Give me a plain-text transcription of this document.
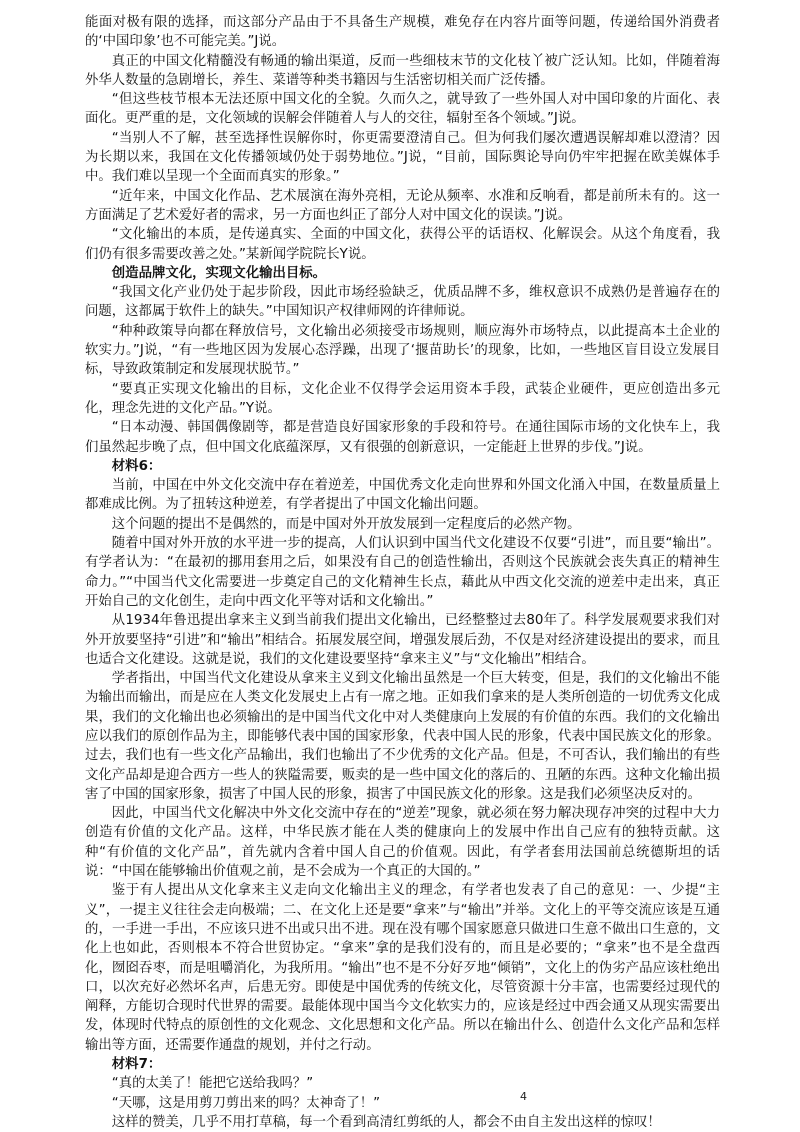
能面对极有限的选择，而这部分产品由于不具备生产规模，难免存在内容片面等问题，传递给国外消费者的‘中国印象’也不可能完美。”J说。

真正的中国文化精髓没有畅通的输出渠道，反而一些细枝末节的文化枝丫被广泛认知。比如，伴随着海外华人数量的急剧增长，养生、菜谱等种类书籍因与生活密切相关而广泛传播。

“但这些枝节根本无法还原中国文化的全貌。久而久之，就导致了一些外国人对中国印象的片面化、表面化。更严重的是，文化领域的误解会伴随着人与人的交往，辐射至各个领域。”J说。

“当别人不了解，甚至选择性误解你时，你更需要澄清自己。但为何我们屡次遭遇误解却难以澄清？因为长期以来，我国在文化传播领域仍处于弱势地位。”J说，“目前，国际舆论导向仍牢牢把握在欧美媒体手中。我们难以呈现一个全面而真实的形象。”

“近年来，中国文化作品、艺术展演在海外亮相，无论从频率、水准和反响看，都是前所未有的。这一方面满足了艺术爱好者的需求，另一方面也纠正了部分人对中国文化的误读。”J说。

“文化输出的本质，是传递真实、全面的中国文化，获得公平的话语权、化解误会。从这个角度看，我们仍有很多需要改善之处。”某新闻学院院长Y说。

创造品牌文化，实现文化输出目标。

“我国文化产业仍处于起步阶段，因此市场经验缺乏，优质品牌不多，维权意识不成熟仍是普遍存在的问题，这都属于软件上的缺失。”中国知识产权律师网的许律师说。

“种种政策导向都在释放信号，文化输出必须接受市场规则，顺应海外市场特点，以此提高本土企业的软实力。”J说，“有一些地区因为发展心态浮躁，出现了‘揠苗助长’的现象，比如，一些地区盲目设立发展目标，导致政策制定和发展现状脱节。”

“要真正实现文化输出的目标，文化企业不仅得学会运用资本手段，武装企业硬件，更应创造出多元化，理念先进的文化产品。”Y说。

“日本动漫、韩国偶像剧等，都是营造良好国家形象的手段和符号。在通往国际市场的文化快车上，我们虽然起步晚了点，但中国文化底蕴深厚，又有很强的创新意识，一定能赶上世界的步伐。”J说。

材料6：

当前，中国在中外文化交流中存在着逆差，中国优秀文化走向世界和外国文化涌入中国，在数量质量上都难成比例。为了扭转这种逆差，有学者提出了中国文化输出问题。

这个问题的提出不是偶然的，而是中国对外开放发展到一定程度后的必然产物。

随着中国对外开放的水平进一步的提高，人们认识到中国当代文化建设不仅要“引进”，而且要“输出”。有学者认为：“在最初的挪用套用之后，如果没有自己的创造性输出，否则这个民族就会丧失真正的精神生命力。”“中国当代文化需要进一步奠定自己的文化精神生长点，藉此从中西文化交流的逆差中走出来，真正开始自己的文化创生，走向中西文化平等对话和文化输出。”

从1934年鲁迅提出拿来主义到当前我们提出文化输出，已经整整过去80年了。科学发展观要求我们对外开放要坚持“引进”和“输出”相结合。拓展发展空间，增强发展后劲，不仅是对经济建设提出的要求，而且也适合文化建设。这就是说，我们的文化建设要坚持“拿来主义”与“文化输出”相结合。

学者指出，中国当代文化建设从拿来主义到文化输出虽然是一个巨大转变，但是，我们的文化输出不能为输出而输出，而是应在人类文化发展史上占有一席之地。正如我们拿来的是人类所创造的一切优秀文化成果，我们的文化输出也必须输出的是中国当代文化中对人类健康向上发展的有价值的东西。我们的文化输出应以我们的原创作品为主，即能够代表中国的国家形象，代表中国人民的形象，代表中国民族文化的形象。过去，我们也有一些文化产品输出，我们也输出了不少优秀的文化产品。但是，不可否认，我们输出的有些文化产品却是迎合西方一些人的狭隘需要，贩卖的是一些中国文化的落后的、丑陋的东西。这种文化输出损害了中国的国家形象，损害了中国人民的形象，损害了中国民族文化的形象。这是我们必须坚决反对的。

因此，中国当代文化解决中外文化交流中存在的“逆差”现象，就必须在努力解决现存冲突的过程中大力创造有价值的文化产品。这样，中华民族才能在人类的健康向上的发展中作出自己应有的独特贡献。这种“有价值的文化产品”，首先就内含着中国人自己的价值观。因此，有学者套用法国前总统德斯坦的话说：“中国在能够输出价值观之前，是不会成为一个真正的大国的。”

鉴于有人提出从文化拿来主义走向文化输出主义的理念，有学者也发表了自己的意见：一、少提“主义”，一提主义往往会走向极端；二、在文化上还是要“拿来”与“输出”并举。文化上的平等交流应该是互通的，一手进一手出，不应该只进不出或只出不进。现在没有哪个国家愿意只做进口生意不做出口生意的，文化上也如此，否则根本不符合世贸协定。“拿来”拿的是我们没有的，而且是必要的；“拿来”也不是全盘西化，囫囵吞枣，而是咀嚼消化，为我所用。“输出”也不是不分好歹地“倾销”，文化上的伪劣产品应该杜绝出口，以次充好必然坏名声，后患无穷。即使是中国优秀的传统文化，尽管资源十分丰富，也需要经过现代的阐释，方能切合现时代世界的需要。最能体现中国当今文化软实力的，应该是经过中西会通又从现实需要出发，体现时代特点的原创性的文化观念、文化思想和文化产品。所以在输出什么、创造什么文化产品和怎样输出等方面，还需要作通盘的规划，并付之行动。

材料7：

“真的太美了！能把它送给我吗？”

“天哪，这是用剪刀剪出来的吗？太神奇了！”

这样的赞美，几乎不用打草稿，每一个看到高清红剪纸的人，都会不由自主发出这样的惊叹！

4
